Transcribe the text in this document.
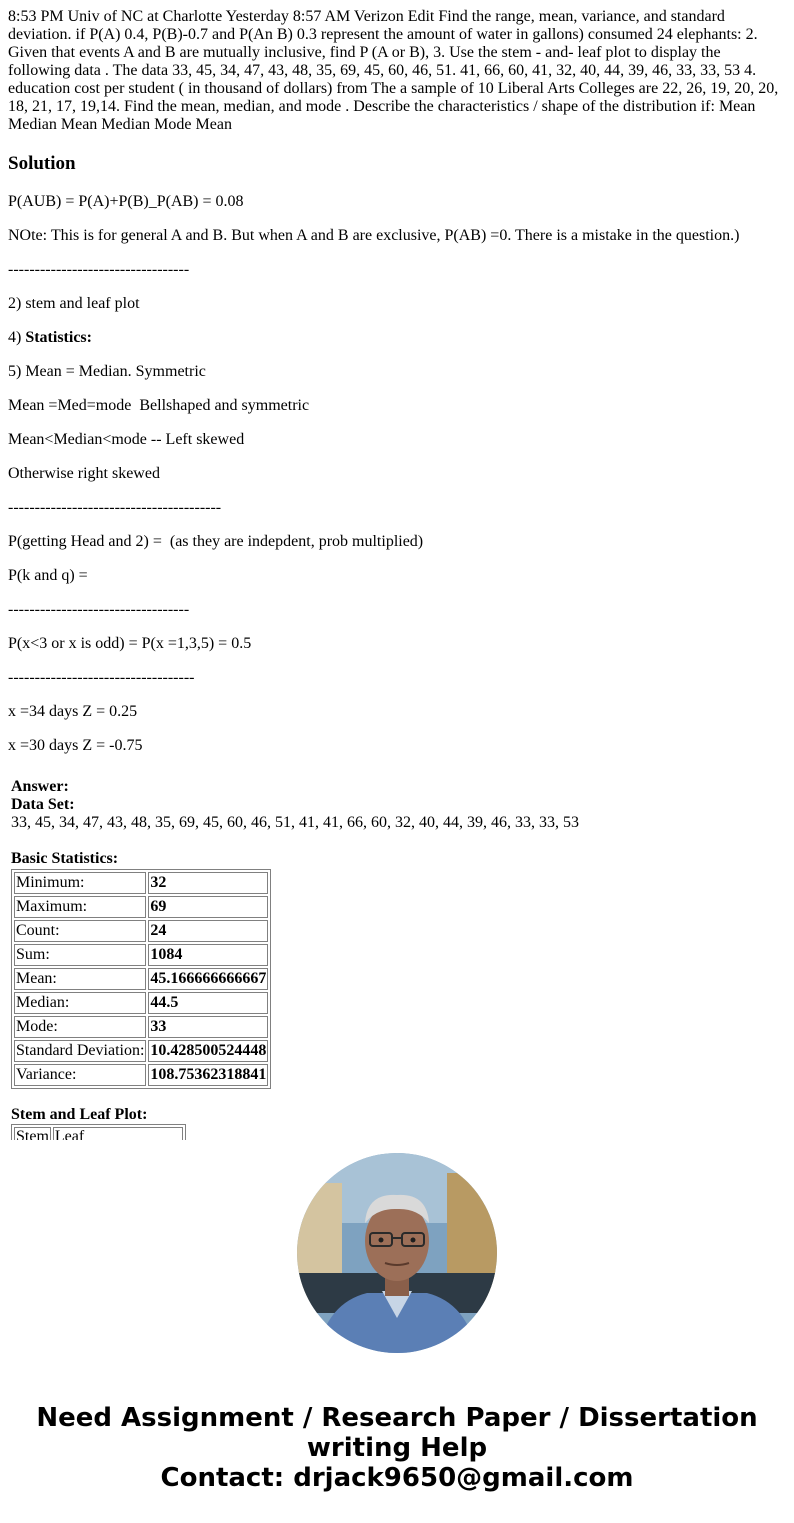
8:53 PM Univ of NC at Charlotte Yesterday 8:57 AM Verizon Edit Find the range, mean, variance, and standard deviation. if P(A) 0.4, P(B)-0.7 and P(An B) 0.3 represent the amount of water in gallons) consumed 24 elephants: 2. Given that events A and B are mutually inclusive, find P (A or B), 3. Use the stem - and- leaf plot to display the following data . The data 33, 45, 34, 47, 43, 48, 35, 69, 45, 60, 46, 51. 41, 66, 60, 41, 32, 40, 44, 39, 46, 33, 33, 53 4. education cost per student ( in thousand of dollars) from The a sample of 10 Liberal Arts Colleges are 22, 26, 19, 20, 20, 18, 21, 17, 19,14. Find the mean, median, and mode . Describe the characteristics / shape of the distribution if: Mean Median Mean Median Mode Mean

Solution

P(AUB) = P(A)+P(B)_P(AB) = 0.08

NOte: This is for general A and B. But when A and B are exclusive, P(AB) =0. There is a mistake in the question.)

----------------------------------

2) stem and leaf plot

4) Statistics:

5) Mean = Median. Symmetric

Mean =Med=mode  Bellshaped and symmetric

Mean<Median<mode -- Left skewed

Otherwise right skewed

----------------------------------------

P(getting Head and 2) =  (as they are indepdent, prob multiplied)

P(k and q) =

----------------------------------

P(x<3 or x is odd) = P(x =1,3,5) = 0.5

-----------------------------------

x =34 days Z = 0.25

x =30 days Z = -0.75

Answer:
Data Set:
33, 45, 34, 47, 43, 48, 35, 69, 45, 60, 46, 51, 41, 41, 66, 60, 32, 40, 44, 39, 46, 33, 33, 53
Basic Statistics:
Minimum:	32
Maximum:	69
Count:	24
Sum:	1084
Mean:	45.166666666667
Median:	44.5
Mode:	33
Standard Deviation:	10.428500524448
Variance:	108.75362318841
Stem and Leaf Plot:
Stem	Leaf

Need Assignment / Research Paper / Dissertation
writing Help
Contact: drjack9650@gmail.com
